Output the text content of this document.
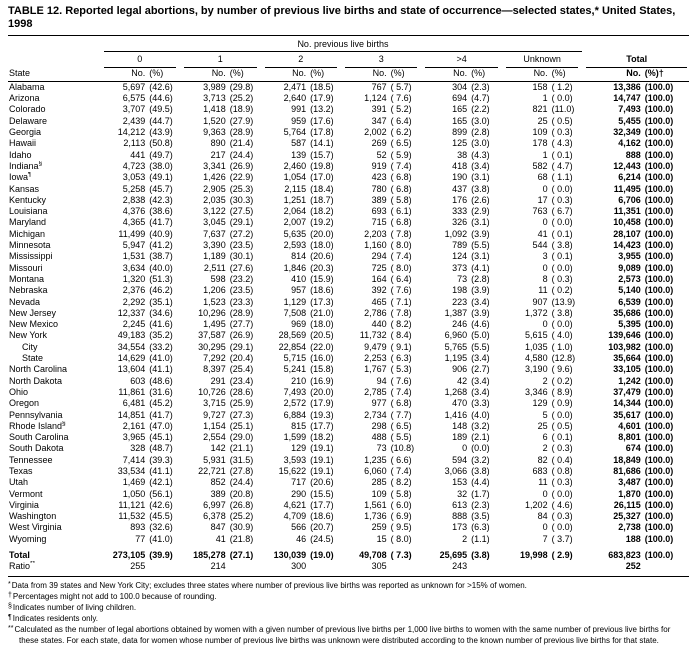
TABLE 12. Reported legal abortions, by number of previous live births and state of occurrence—selected states,* United States, 1998

	No. previous live births													

	0		1		2		3		>4		Unknown		Total	

State	No.	(%)	No.	(%)	No.	(%)	No.	(%)	No.	(%)	No.	(%)	No.	(%)†
Alabama	5,697	(42.6)	3,989	(29.8)	2,471	(18.5)	767	( 5.7)	304	(2.3)	158	( 1.2)	13,386	(100.0)
Arizona	6,575	(44.6)	3,713	(25.2)	2,640	(17.9)	1,124	( 7.6)	694	(4.7)	1	( 0.0)	14,747	(100.0)
Colorado	3,707	(49.5)	1,418	(18.9)	991	(13.2)	391	( 5.2)	165	(2.2)	821	(11.0)	7,493	(100.0)
Delaware	2,439	(44.7)	1,520	(27.9)	959	(17.6)	347	( 6.4)	165	(3.0)	25	( 0.5)	5,455	(100.0)
Georgia	14,212	(43.9)	9,363	(28.9)	5,764	(17.8)	2,002	( 6.2)	899	(2.8)	109	( 0.3)	32,349	(100.0)
Hawaii	2,113	(50.8)	890	(21.4)	587	(14.1)	269	( 6.5)	125	(3.0)	178	( 4.3)	4,162	(100.0)
Idaho	441	(49.7)	217	(24.4)	139	(15.7)	52	( 5.9)	38	(4.3)	1	( 0.1)	888	(100.0)
Indiana§	4,723	(38.0)	3,341	(26.9)	2,460	(19.8)	919	( 7.4)	418	(3.4)	582	( 4.7)	12,443	(100.0)
Iowa¶	3,053	(49.1)	1,426	(22.9)	1,054	(17.0)	423	( 6.8)	190	(3.1)	68	( 1.1)	6,214	(100.0)
Kansas	5,258	(45.7)	2,905	(25.3)	2,115	(18.4)	780	( 6.8)	437	(3.8)	0	( 0.0)	11,495	(100.0)
Kentucky	2,838	(42.3)	2,035	(30.3)	1,251	(18.7)	389	( 5.8)	176	(2.6)	17	( 0.3)	6,706	(100.0)
Louisiana	4,376	(38.6)	3,122	(27.5)	2,064	(18.2)	693	( 6.1)	333	(2.9)	763	( 6.7)	11,351	(100.0)
Maryland	4,365	(41.7)	3,045	(29.1)	2,007	(19.2)	715	( 6.8)	326	(3.1)	0	( 0.0)	10,458	(100.0)
Michigan	11,499	(40.9)	7,637	(27.2)	5,635	(20.0)	2,203	( 7.8)	1,092	(3.9)	41	( 0.1)	28,107	(100.0)
Minnesota	5,947	(41.2)	3,390	(23.5)	2,593	(18.0)	1,160	( 8.0)	789	(5.5)	544	( 3.8)	14,423	(100.0)
Mississippi	1,531	(38.7)	1,189	(30.1)	814	(20.6)	294	( 7.4)	124	(3.1)	3	( 0.1)	3,955	(100.0)
Missouri	3,634	(40.0)	2,511	(27.6)	1,846	(20.3)	725	( 8.0)	373	(4.1)	0	( 0.0)	9,089	(100.0)
Montana	1,320	(51.3)	598	(23.2)	410	(15.9)	164	( 6.4)	73	(2.8)	8	( 0.3)	2,573	(100.0)
Nebraska	2,376	(46.2)	1,206	(23.5)	957	(18.6)	392	( 7.6)	198	(3.9)	11	( 0.2)	5,140	(100.0)
Nevada	2,292	(35.1)	1,523	(23.3)	1,129	(17.3)	465	( 7.1)	223	(3.4)	907	(13.9)	6,539	(100.0)
New Jersey	12,337	(34.6)	10,296	(28.9)	7,508	(21.0)	2,786	( 7.8)	1,387	(3.9)	1,372	( 3.8)	35,686	(100.0)
New Mexico	2,245	(41.6)	1,495	(27.7)	969	(18.0)	440	( 8.2)	246	(4.6)	0	( 0.0)	5,395	(100.0)
New York	49,183	(35.2)	37,587	(26.9)	28,569	(20.5)	11,732	( 8.4)	6,960	(5.0)	5,615	( 4.0)	139,646	(100.0)
City	34,554	(33.2)	30,295	(29.1)	22,854	(22.0)	9,479	( 9.1)	5,765	(5.5)	1,035	( 1.0)	103,982	(100.0)
State	14,629	(41.0)	7,292	(20.4)	5,715	(16.0)	2,253	( 6.3)	1,195	(3.4)	4,580	(12.8)	35,664	(100.0)
North Carolina	13,604	(41.1)	8,397	(25.4)	5,241	(15.8)	1,767	( 5.3)	906	(2.7)	3,190	( 9.6)	33,105	(100.0)
North Dakota	603	(48.6)	291	(23.4)	210	(16.9)	94	( 7.6)	42	(3.4)	2	( 0.2)	1,242	(100.0)
Ohio	11,861	(31.6)	10,726	(28.6)	7,493	(20.0)	2,785	( 7.4)	1,268	(3.4)	3,346	( 8.9)	37,479	(100.0)
Oregon	6,481	(45.2)	3,715	(25.9)	2,572	(17.9)	977	( 6.8)	470	(3.3)	129	( 0.9)	14,344	(100.0)
Pennsylvania	14,851	(41.7)	9,727	(27.3)	6,884	(19.3)	2,734	( 7.7)	1,416	(4.0)	5	( 0.0)	35,617	(100.0)
Rhode Island§	2,161	(47.0)	1,154	(25.1)	815	(17.7)	298	( 6.5)	148	(3.2)	25	( 0.5)	4,601	(100.0)
South Carolina	3,965	(45.1)	2,554	(29.0)	1,599	(18.2)	488	( 5.5)	189	(2.1)	6	( 0.1)	8,801	(100.0)
South Dakota	328	(48.7)	142	(21.1)	129	(19.1)	73	(10.8)	0	(0.0)	2	( 0.3)	674	(100.0)
Tennessee	7,414	(39.3)	5,931	(31.5)	3,593	(19.1)	1,235	( 6.6)	594	(3.2)	82	( 0.4)	18,849	(100.0)
Texas	33,534	(41.1)	22,721	(27.8)	15,622	(19.1)	6,060	( 7.4)	3,066	(3.8)	683	( 0.8)	81,686	(100.0)
Utah	1,469	(42.1)	852	(24.4)	717	(20.6)	285	( 8.2)	153	(4.4)	11	( 0.3)	3,487	(100.0)
Vermont	1,050	(56.1)	389	(20.8)	290	(15.5)	109	( 5.8)	32	(1.7)	0	( 0.0)	1,870	(100.0)
Virginia	11,121	(42.6)	6,997	(26.8)	4,621	(17.7)	1,561	( 6.0)	613	(2.3)	1,202	( 4.6)	26,115	(100.0)
Washington	11,532	(45.5)	6,378	(25.2)	4,709	(18.6)	1,736	( 6.9)	888	(3.5)	84	( 0.3)	25,327	(100.0)
West Virginia	893	(32.6)	847	(30.9)	566	(20.7)	259	( 9.5)	173	(6.3)	0	( 0.0)	2,738	(100.0)
Wyoming	77	(41.0)	41	(21.8)	46	(24.5)	15	( 8.0)	2	(1.1)	7	( 3.7)	188	(100.0)
Total	273,105	(39.9)	185,278	(27.1)	130,039	(19.0)	49,708	( 7.3)	25,695	(3.8)	19,998	( 2.9)	683,823	(100.0)
Ratio**	255		214		300		305		243				252	
*Data from 39 states and New York City; excludes three states where number of previous live births was reported as unknown for >15% of women.
†Percentages might not add to 100.0 because of rounding.
§Indicates number of living children.
¶Indicates residents only.
**Calculated as the number of legal abortions obtained by women with a given number of previous live births per 1,000 live births to women with the same number of previous live births for these states. For each state, data for women whose number of previous live births was unknown were distributed according to the known number of previous live births for that state.
